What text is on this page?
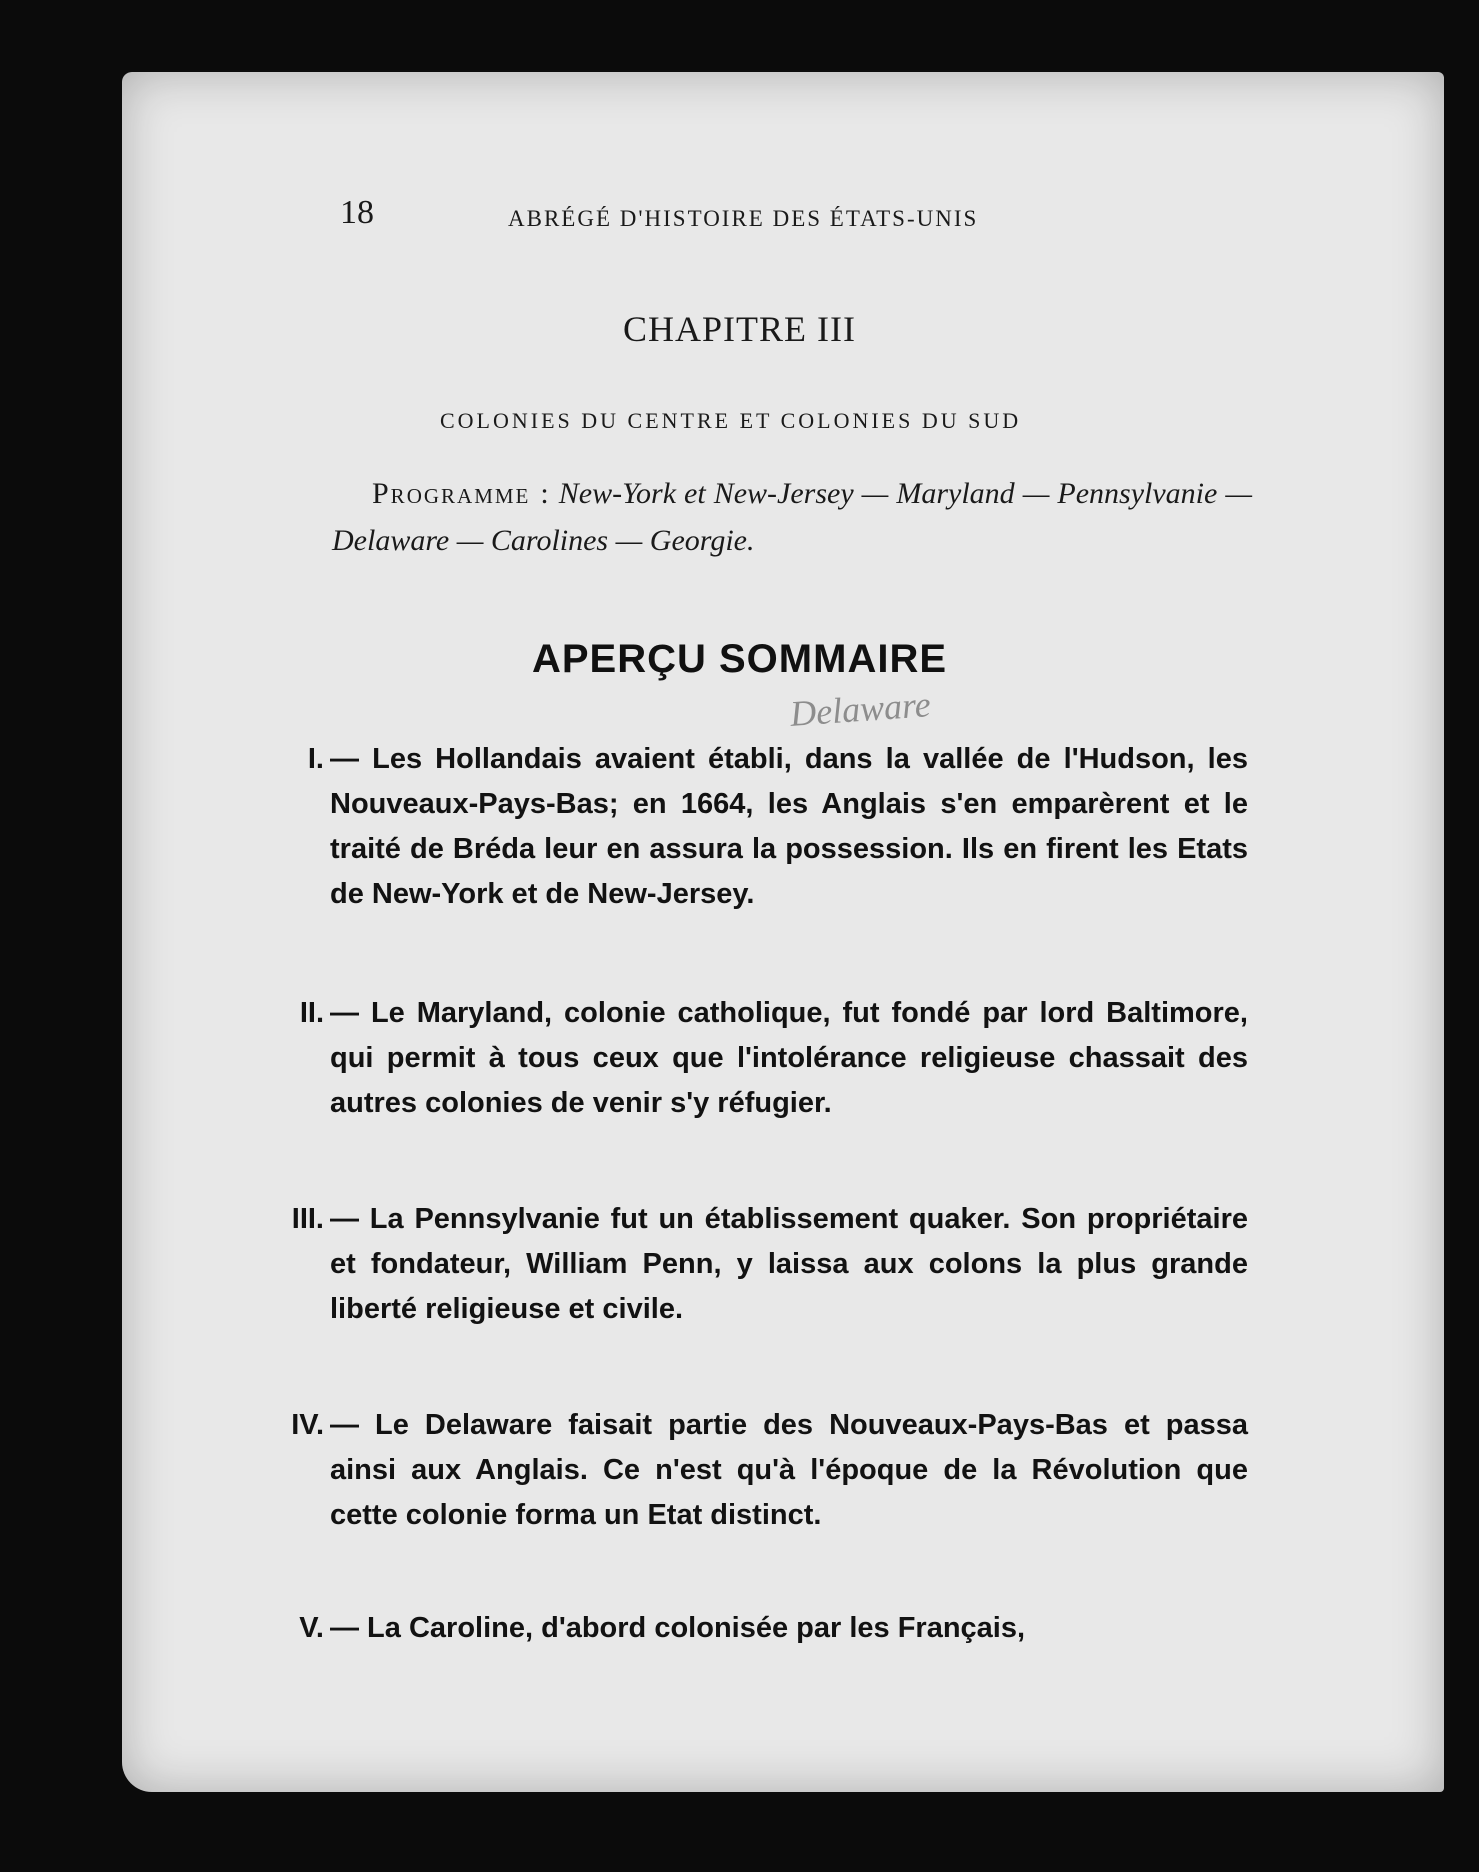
18	ABRÉGÉ D'HISTOIRE DES ÉTATS-UNIS
CHAPITRE III
COLONIES DU CENTRE ET COLONIES DU SUD
Programme : New-York et New-Jersey — Maryland — Pennsylvanie — Delaware — Carolines — Georgie.
APERÇU SOMMAIRE
Delaware
I. — Les Hollandais avaient établi, dans la vallée de l'Hudson, les Nouveaux-Pays-Bas; en 1664, les Anglais s'en emparèrent et le traité de Bréda leur en assura la possession. Ils en firent les Etats de New-York et de New-Jersey.
II. — Le Maryland, colonie catholique, fut fondé par lord Baltimore, qui permit à tous ceux que l'intolérance religieuse chassait des autres colonies de venir s'y réfugier.
III. — La Pennsylvanie fut un établissement quaker. Son propriétaire et fondateur, William Penn, y laissa aux colons la plus grande liberté religieuse et civile.
IV. — Le Delaware faisait partie des Nouveaux-Pays-Bas et passa ainsi aux Anglais. Ce n'est qu'à l'époque de la Révolution que cette colonie forma un Etat distinct.
V. — La Caroline, d'abord colonisée par les Français,
